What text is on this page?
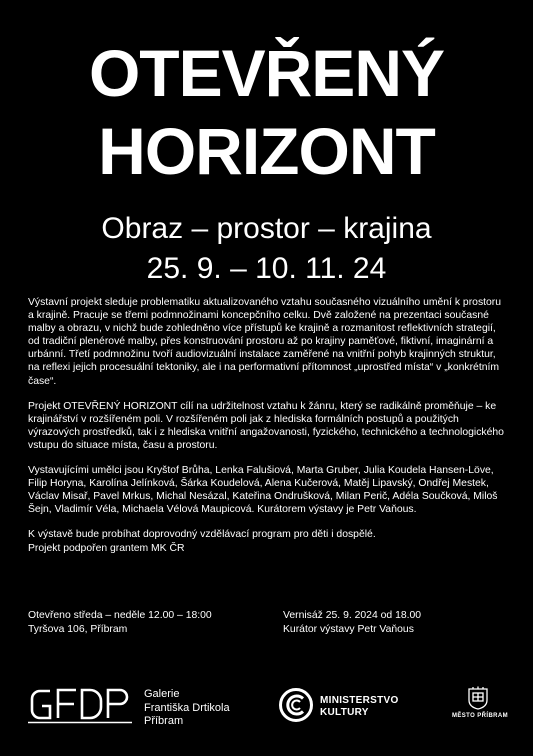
OTEVŘENÝ
HORIZONT
Obraz – prostor – krajina
25. 9. – 10. 11. 24

Výstavní projekt sleduje problematiku aktualizovaného vztahu současného vizuálního umění k prostoru a krajině. Pracuje se třemi podmnožinami koncepčního celku. Dvě založené na prezentaci současné malby a obrazu, v nichž bude zohledněno více přístupů ke krajině a rozmanitost reflektivních strategií, od tradiční plenérové malby, přes konstruování prostoru až po krajiny paměťové, fiktivní, imaginární a urbánní. Třetí podmnožinu tvoří audiovizuální instalace zaměřené na vnitřní pohyb krajinných struktur, na reflexi jejich procesuální tektoniky, ale i na performativní přítomnost „uprostřed místa“ v „konkrétním čase“.

Projekt OTEVŘENÝ HORIZONT cílí na udržitelnost vztahu k žánru, který se radikálně proměňuje – ke krajinářství v rozšířeném poli. V rozšířeném poli jak z hlediska formálních postupů a použitých výrazových prostředků, tak i z hlediska vnitřní angažovanosti, fyzického, technického a technologického vstupu do situace místa, času a prostoru.

Vystavujícími umělci jsou Kryštof Brůha, Lenka Falušiová, Marta Gruber, Julia Koudela Hansen-Löve, Filip Horyna, Karolína Jelínková, Šárka Koudelová, Alena Kučerová, Matěj Lipavský, Ondřej Mestek, Václav Misař, Pavel Mrkus, Michal Nesázal, Kateřina Ondrušková, Milan Perič, Adéla Součková, Miloš Šejn, Vladimír Véla, Michaela Vélová Maupicová. Kurátorem výstavy je Petr Vaňous.

K výstavě bude probíhat doprovodný vzdělávací program pro děti i dospělé.
Projekt podpořen grantem MK ČR

Otevřeno středa – neděle 12.00 – 18:00
Tyršova 106, Příbram
Vernisáž 25. 9. 2024 od 18.00
Kurátor výstavy Petr Vaňous
Galerie
Františka Drtikola
Příbram
MINISTERSTVO
KULTURY	MĚSTO PŘÍBRAM
